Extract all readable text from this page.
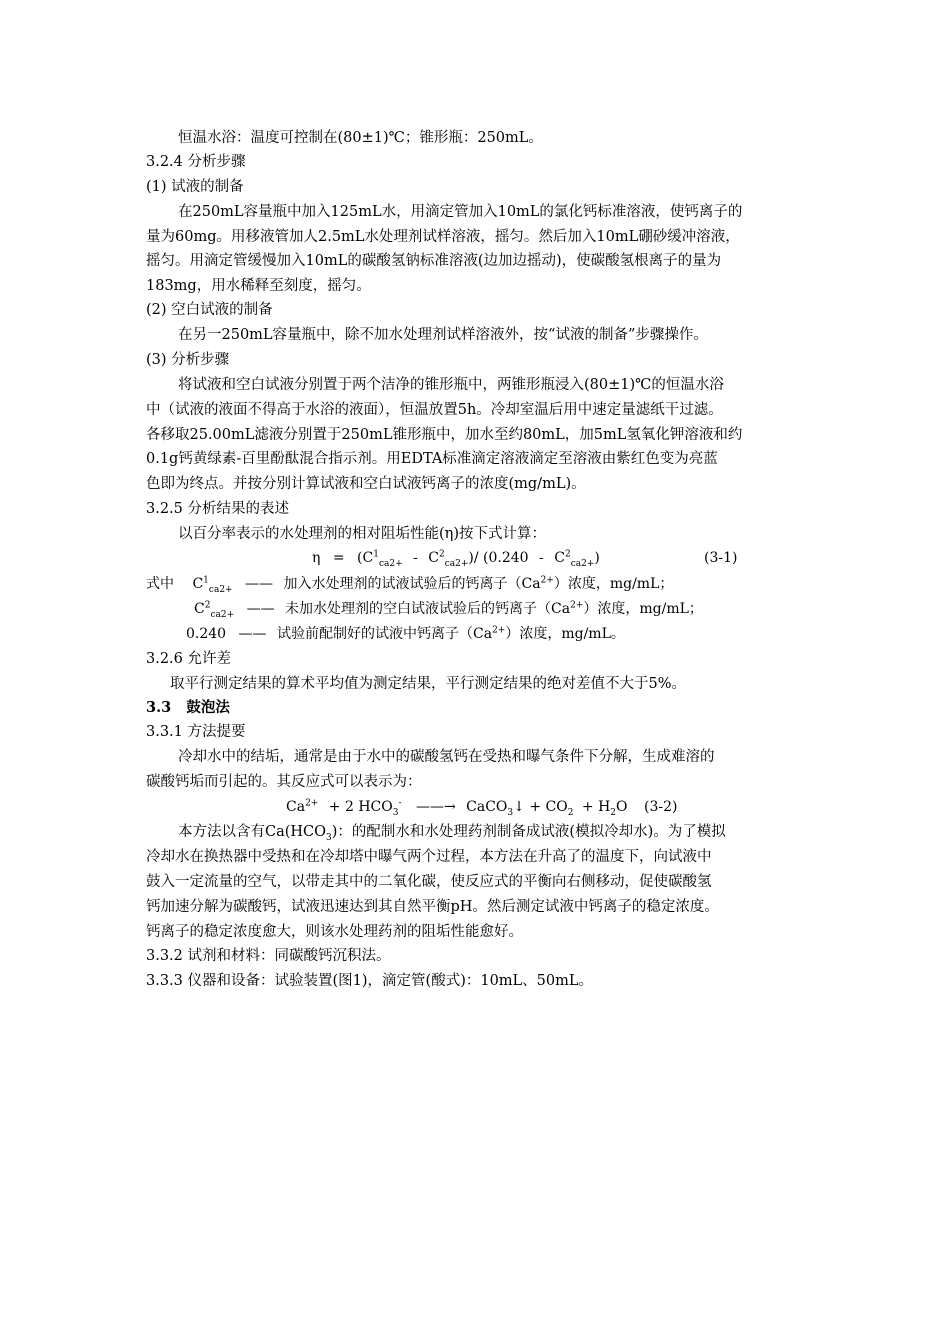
恒温水浴：温度可控制在(80±1)℃；锥形瓶：250mL。
3.2.4 分析步骤
(1) 试液的制备
在250mL容量瓶中加入125mL水，用滴定管加入10mL的氯化钙标准溶液，使钙离子的
量为60mg。用移液管加人2.5mL水处理剂试样溶液，摇匀。然后加入10mL硼砂缓冲溶液，
摇匀。用滴定管缓慢加入10mL的碳酸氢钠标准溶液(边加边摇动)，使碳酸氢根离子的量为
183mg，用水稀释至刻度，摇匀。
(2) 空白试液的制备
在另一250mL容量瓶中，除不加水处理剂试样溶液外，按“试液的制备”步骤操作。
(3) 分析步骤
将试液和空白试液分别置于两个洁净的锥形瓶中，两锥形瓶浸入(80±1)℃的恒温水浴
中（试液的液面不得高于水浴的液面），恒温放置5h。冷却室温后用中速定量滤纸干过滤。
各移取25.00mL滤液分别置于250mL锥形瓶中，加水至约80mL，加5mL氢氧化钾溶液和约
0.1g钙黄绿素-百里酚酞混合指示剂。用EDTA标准滴定溶液滴定至溶液由紫红色变为亮蓝
色即为终点。并按分别计算试液和空白试液钙离子的浓度(mg/mL)。
3.2.5 分析结果的表述
以百分率表示的水处理剂的相对阻垢性能(η)按下式计算：
$\eta = (C^1_{ca2+} - C^2_{ca2+})/$ $(0.240 - C^2_{ca2+})$	(3-1)
式中 $C^1_{ca2+}$ —— 加入水处理剂的试液试验后的钙离子$(Ca^{2+})$浓度，mg/mL；
$C^2_{ca2+}$ —— 未加水处理剂的空白试液试验后的钙离子$(Ca^{2+})$浓度，mg/mL；
0.240 —— 试验前配制好的试液中钙离子$(Ca^{2+})$浓度，mg/mL。
3.2.6 允许差
取平行测定结果的算术平均值为测定结果，平行测定结果的绝对差值不大于5%。
3.3   鼓泡法
3.3.1 方法提要
冷却水中的结垢，通常是由于水中的碳酸氢钙在受热和曝气条件下分解，生成难溶的
碳酸钙垢而引起的。其反应式可以表示为：
$Ca^{2+} + 2$ $HCO_3^-$ ——→ CaCO$_3$↓ + $CO_2 + H_2O$ (3-2)
本方法以含有$Ca(HCO_3)$：的配制水和水处理药剂制备成试液(模拟冷却水)。为了模拟
冷却水在换热器中受热和在冷却塔中曝气两个过程，本方法在升高了的温度下，向试液中
鼓入一定流量的空气，以带走其中的二氧化碳，使反应式的平衡向右侧移动，促使碳酸氢
钙加速分解为碳酸钙，试液迅速达到其自然平衡pH。然后测定试液中钙离子的稳定浓度。
钙离子的稳定浓度愈大，则该水处理药剂的阻垢性能愈好。
3.3.2 试剂和材料：同碳酸钙沉积法。
3.3.3 仪器和设备：试验装置(图1)，滴定管(酸式)：10mL、50mL。
